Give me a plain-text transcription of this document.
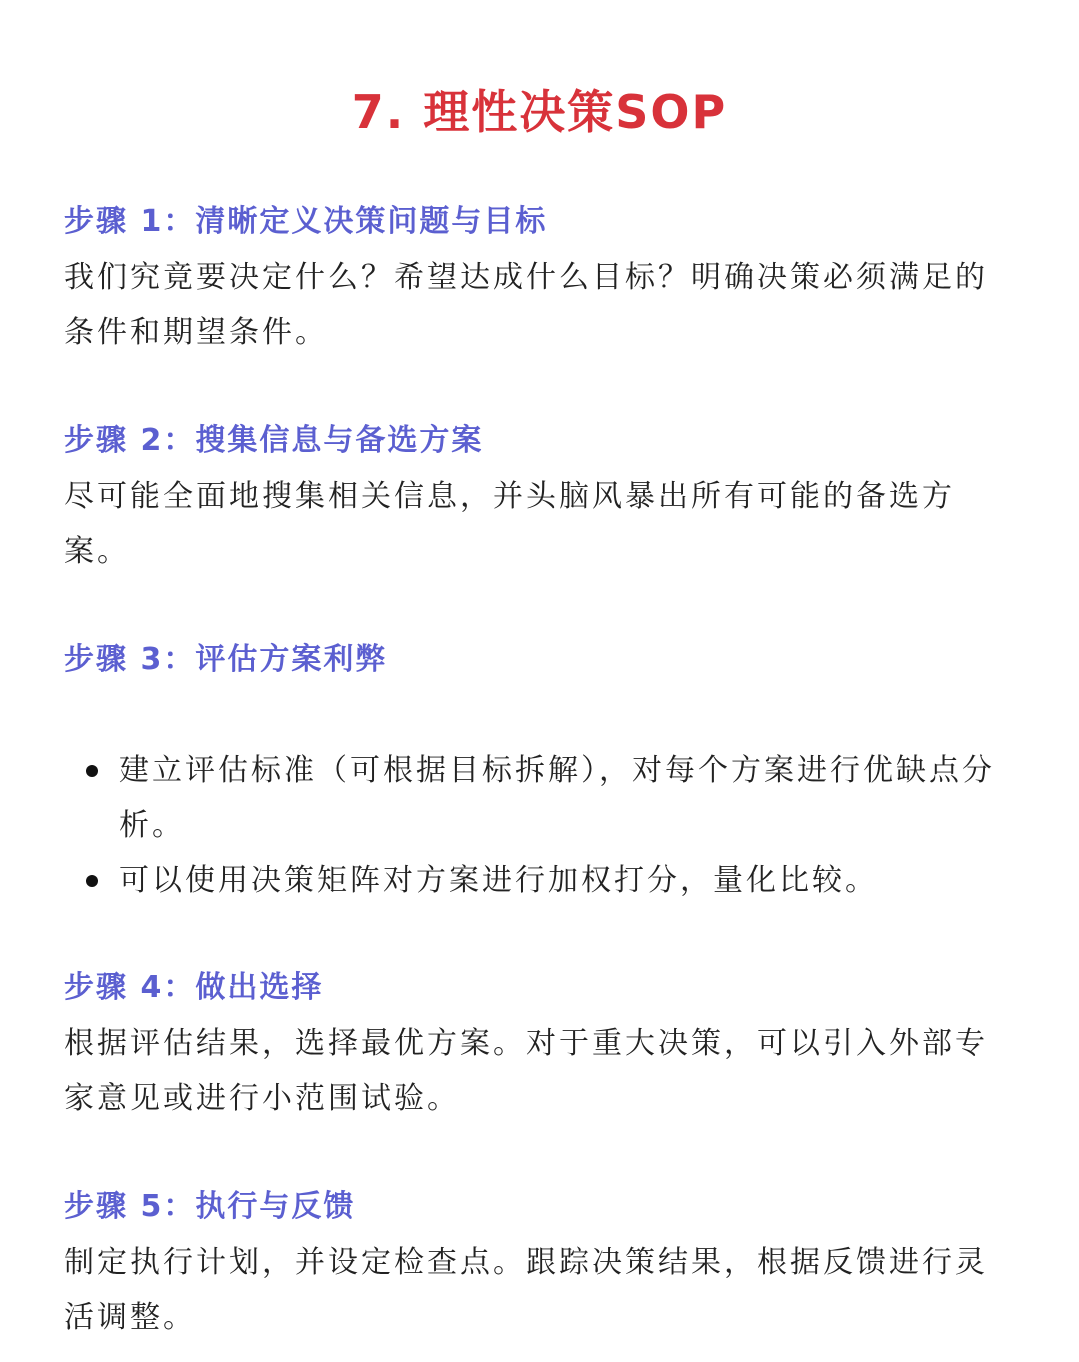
7. 理性决策SOP
步骤 1：清晰定义决策问题与目标

我们究竟要决定什么？希望达成什么目标？明确决策必须满足的条件和期望条件。

步骤 2：搜集信息与备选方案

尽可能全面地搜集相关信息，并头脑风暴出所有可能的备选方案。

步骤 3：评估方案利弊
建立评估标准（可根据目标拆解），对每个方案进行优缺点分析。
可以使用决策矩阵对方案进行加权打分，量化比较。
步骤 4：做出选择

根据评估结果，选择最优方案。对于重大决策，可以引入外部专家意见或进行小范围试验。

步骤 5：执行与反馈

制定执行计划，并设定检查点。跟踪决策结果，根据反馈进行灵活调整。
